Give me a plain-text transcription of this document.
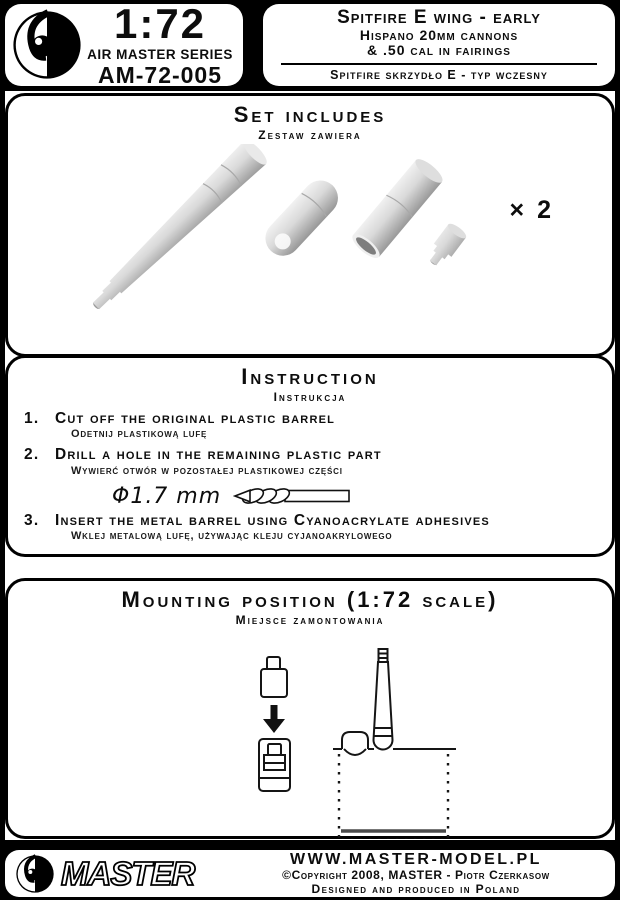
1:72
AIR MASTER SERIES
AM-72-005
Spitfire E wing - early
Hispano 20mm cannons
& .50 cal in fairings
Spitfire skrzydło E - typ wczesny
Set includes
Zestaw zawiera
× 2
Instruction
Instrukcja
1.	Cut off the original plastic barrel
Odetnij plastikową lufę
2.	Drill a hole in the remaining plastic part
Wywierć otwór w pozostałej plastikowej części
Φ1.7 mm
3.	Insert the metal barrel using Cyanoacrylate adhesives
Wklej metalową lufę, używając kleju cyjanoakrylowego
Mounting position (1:72 scale)
Miejsce zamontowania
MASTER	WWW.MASTER-MODEL.PL
©Copyright 2008, MASTER - Piotr Czerkasow
Designed and produced in Poland
